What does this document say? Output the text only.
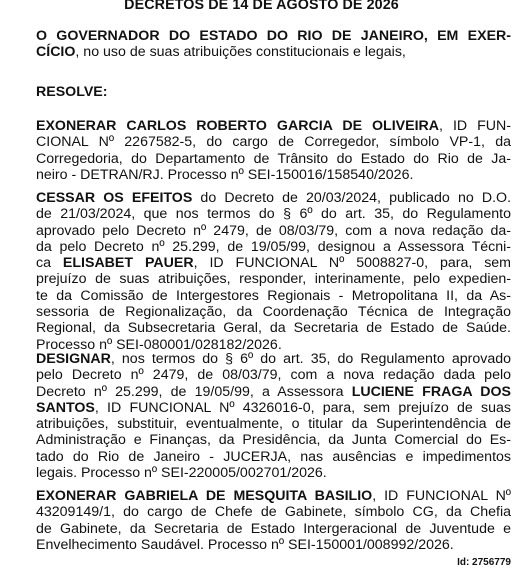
DECRETOS DE 14 DE AGOSTO DE 2026
O GOVERNADOR DO ESTADO DO RIO DE JANEIRO, EM EXER-
CÍCIO, no uso de suas atribuições constitucionais e legais,
RESOLVE:
EXONERAR CARLOS ROBERTO GARCIA DE OLIVEIRA, ID FUN-
CIONAL Nº 2267582-5, do cargo de Corregedor, símbolo VP-1, da
Corregedoria, do Departamento de Trânsito do Estado do Rio de Ja-
neiro - DETRAN/RJ. Processo nº SEI-150016/158540/2026.
CESSAR OS EFEITOS do Decreto de 20/03/2024, publicado no D.O.
de 21/03/2024, que nos termos do § 6º do art. 35, do Regulamento
aprovado pelo Decreto nº 2479, de 08/03/79, com a nova redação da-
da pelo Decreto nº 25.299, de 19/05/99, designou a Assessora Técni-
ca ELISABET PAUER, ID FUNCIONAL Nº 5008827-0, para, sem
prejuízo de suas atribuições, responder, interinamente, pelo expedien-
te da Comissão de Intergestores Regionais - Metropolitana II, da As-
sessoria de Regionalização, da Coordenação Técnica de Integração
Regional, da Subsecretaria Geral, da Secretaria de Estado de Saúde.
Processo nº SEI-080001/028182/2026.
DESIGNAR, nos termos do § 6º do art. 35, do Regulamento aprovado
pelo Decreto nº 2479, de 08/03/79, com a nova redação dada pelo
Decreto nº 25.299, de 19/05/99, a Assessora LUCIENE FRAGA DOS
SANTOS, ID FUNCIONAL Nº 4326016-0, para, sem prejuízo de suas
atribuições, substituir, eventualmente, o titular da Superintendência de
Administração e Finanças, da Presidência, da Junta Comercial do Es-
tado do Rio de Janeiro - JUCERJA, nas ausências e impedimentos
legais. Processo nº SEI-220005/002701/2026.
EXONERAR GABRIELA DE MESQUITA BASILIO, ID FUNCIONAL Nº
43209149/1, do cargo de Chefe de Gabinete, símbolo CG, da Chefia
de Gabinete, da Secretaria de Estado Intergeracional de Juventude e
Envelhecimento Saudável. Processo nº SEI-150001/008992/2026.
Id: 2756779
